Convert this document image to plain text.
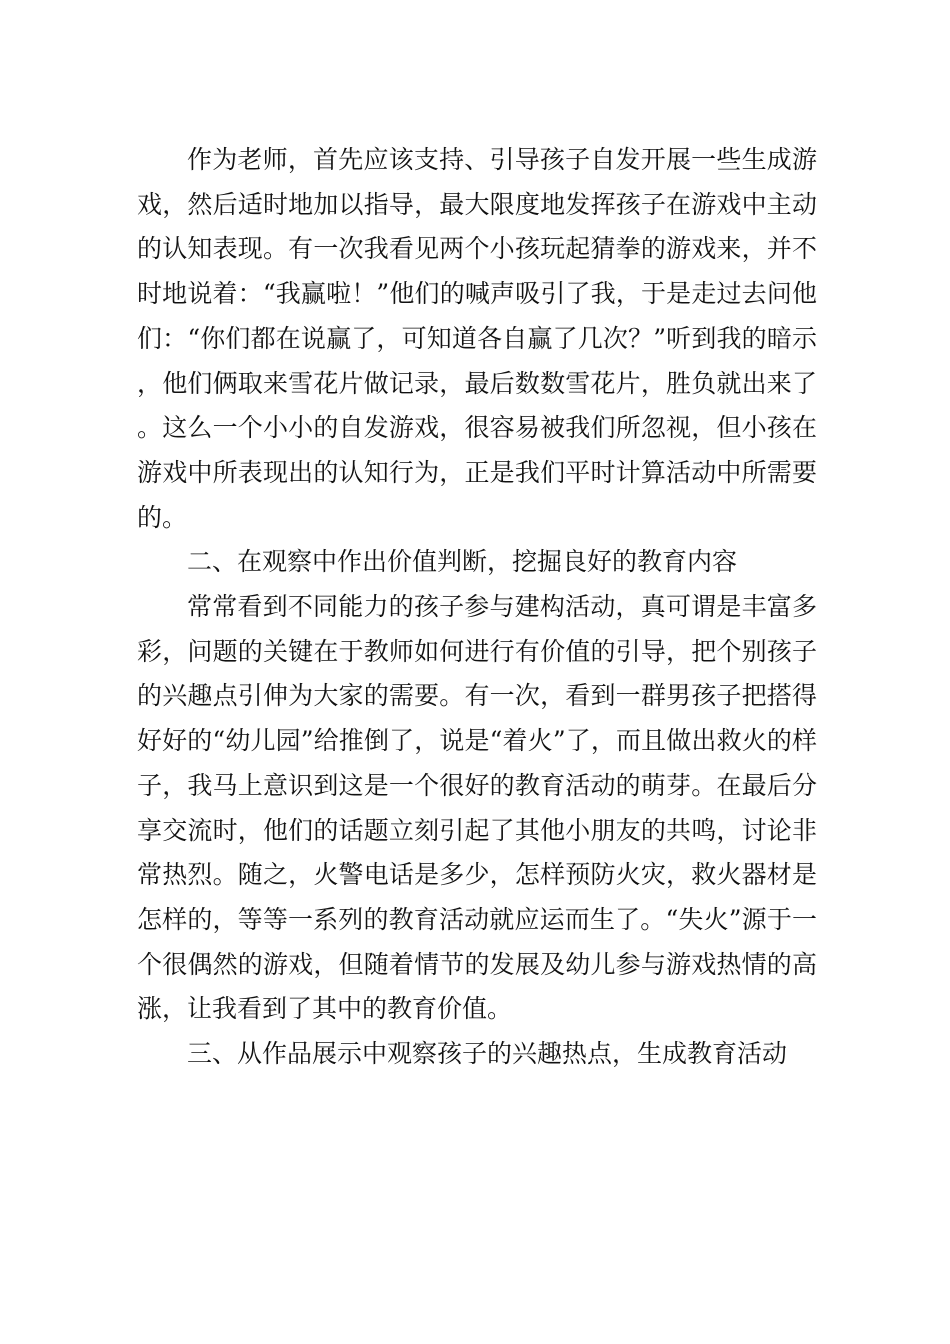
作为老师，首先应该支持、引导孩子自发开展一些生成游戏，然后适时地加以指导，最大限度地发挥孩子在游戏中主动的认知表现。有一次我看见两个小孩玩起猜拳的游戏来，并不时地说着：“我赢啦！”他们的喊声吸引了我，于是走过去问他们：“你们都在说赢了，可知道各自赢了几次？”听到我的暗示，他们俩取来雪花片做记录，最后数数雪花片，胜负就出来了。这么一个小小的自发游戏，很容易被我们所忽视，但小孩在游戏中所表现出的认知行为，正是我们平时计算活动中所需要的。

二、在观察中作出价值判断，挖掘良好的教育内容

常常看到不同能力的孩子参与建构活动，真可谓是丰富多彩，问题的关键在于教师如何进行有价值的引导，把个别孩子的兴趣点引伸为大家的需要。有一次，看到一群男孩子把搭得好好的“幼儿园”给推倒了，说是“着火”了，而且做出救火的样子，我马上意识到这是一个很好的教育活动的萌芽。在最后分享交流时，他们的话题立刻引起了其他小朋友的共鸣，讨论非常热烈。随之，火警电话是多少，怎样预防火灾，救火器材是怎样的，等等一系列的教育活动就应运而生了。“失火”源于一个很偶然的游戏，但随着情节的发展及幼儿参与游戏热情的高涨，让我看到了其中的教育价值。

三、从作品展示中观察孩子的兴趣热点，生成教育活动
